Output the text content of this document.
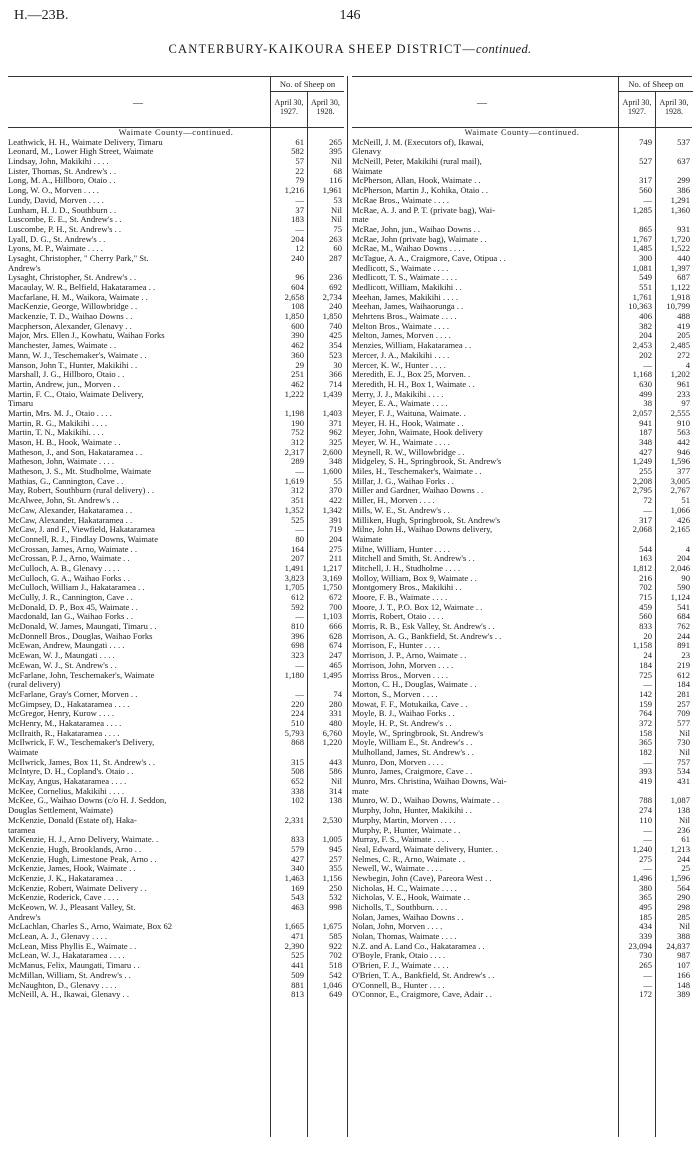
H.—23B.	146
CANTERBURY-KAIKOURA SHEEP DISTRICT—continued.
—
No. of Sheep on
April 30,
1927.
April 30,
1928.
Waimate County—continued.
Leathwick, H. H., Waimate Delivery, Timaru	61	265
Leonard, M., Lower High Street, Waimate	582	395
Lindsay, John, Makikihi . . . .	57	Nil
Lister, Thomas, St. Andrew's . .	22	68
Long, M. A., Hillboro, Otaio . .	79	116
Long, W. O., Morven . . . .	1,216 1,961
Lundy, David, Morven . . . .	—	53
Lunham, H. J. D., Southburn . .	37	Nil
Luscombe, E. E., St. Andrew's . .	183	Nil
Luscombe, P. H., St. Andrew's . .	—	75
Lyall, D. G., St. Andrew's . .	204	263
Lyons, M. P., Waimate . . . .	12	60
Lysaght, Christopher, " Cherry Park," St.	240	287
Andrew's
Lysaght, Christopher, St. Andrew's . .	96	236
Macaulay, W. R., Belfield, Hakataramea . .	604	692
Macfarlane, H. M., Waikora, Waimate . .	2,658 2,734
MacKenzie, George, Willowbridge . .	108	240
Mackenzie, T. D., Waihao Downs . .	1,850 1,850
Macpherson, Alexander, Glenavy . .	600	740
Major, Mrs. Ellen J., Kowhatu, Waihao Forks	390	425
Manchester, James, Waimate . .	462	354
Mann, W. J., Teschemaker's, Waimate . .	360	523
Manson, John T., Hunter, Makikihi . .	29	30
Marshall, J. G., Hillboro, Otaio . .	251	366
Martin, Andrew, jun., Morven . .	462	714
Martin, F. C., Otaio, Waimate Delivery,	1,222 1,439
Timaru
Martin, Mrs. M. J., Otaio . . . .	1,198 1,403
Martin, R. G., Makikihi . . . .	190	371
Martin, T. N., Makikihi. . . .	752	962
Mason, H. B., Hook, Waimate . .	312	325
Matheson, J., and Son, Hakataramea . .	2,317 2,600
Matheson, John, Waimate . . . .	289	348
Matheson, J. S., Mt. Studholme, Waimate	— 1,600
Mathias, G., Cannington, Cave . .	1,619	55
May, Robert, Southburn (rural delivery) . .	312	370
McAlwee, John, St. Andrew's . .	351	422
McCaw, Alexander, Hakataramea . .	1,352 1,342
McCaw, Alexander, Hakataramea . .	525	391
McCaw, J. and F., Viewfield, Hakataramea	—	719
McConnell, R. J., Findlay Downs, Waimate	80	204
McCrossan, James, Arno, Waimate . .	164	275
McCrossan, P. J., Arno, Waimate . .	207	211
McCulloch, A. B., Glenavy . . . .	1,491 1,217
McCulloch, G. A., Waihao Forks . .	3,823 3,169
McCulloch, William J., Hakataramea . .	1,705 1,750
McCully, J. R., Cannington, Cave . .	612	672
McDonald, D. P., Box 45, Waimate . .	592	700
Macdonald, Ian G., Waihao Forks . .	— 1,103
McDonald, W. James, Maungati, Timaru . .	810	666
McDonnell Bros., Douglas, Waihao Forks	396	628
McEwan, Andrew, Maungati . . . .	698	674
McEwan, W. J., Maungati . . . .	323	247
McEwan, W. J., St. Andrew's . .	—	465
McFarlane, John, Teschemaker's, Waimate	1,180 1,495
(rural delivery)
McFarlane, Gray's Corner, Morven . .	—	74
McGimpsey, D., Hakataramea . . . .	220	280
McGregor, Henry, Kurow . . . .	224	331
McHenry, M., Hakataramea . . . .	510	480
McIlraith, R., Hakataramea . . . .	5,793 6,760
McIlwrick, F. W., Teschemaker's Delivery,	868 1,220
Waimate
McIlwrick, James, Box 11, St. Andrew's . .	315	443
McIntyre, D. H., Copland's. Otaio . .	508	586
McKay, Angus, Hakataramea . . . .	652	Nil
McKee, Cornelius, Makikihi . . . .	338	314
McKee, G., Waihao Downs (c/o H. J. Seddon,	102	138
Douglas Settlement, Waimate)
McKenzie, Donald (Estate of), Haka-	2,331 2,530
taramea
McKenzie, H. J., Arno Delivery, Waimate. .	833 1,005
McKenzie, Hugh, Brooklands, Arno . .	579	945
McKenzie, Hugh, Limestone Peak, Arno . .	427	257
McKenzie, James, Hook, Waimate . .	340	355
McKenzie, J. K., Hakataramea . .	1,463 1,156
McKenzie, Robert, Waimate Delivery . .	169	250
McKenzie, Roderick, Cave . . . .	543	532
McKeown, W. J., Pleasant Valley, St.	463	998
Andrew's
McLachlan, Charles S., Arno, Waimate, Box 62	1,665 1,675
McLean, A. J., Glenavy . . . .	471	585
McLean, Miss Phyllis E., Waimate . .	2,390	922
McLean, W. J., Hakataramea . . . .	525	702
McManus, Felix, Maungati, Timaru . .	441	518
McMillan, William, St. Andrew's . .	509	542
McNaughton, D., Glenavy . . . .	881 1,046
McNeill, A. H., Ikawai, Glenavy . .	813	649
—
No. of Sheep on
April 30,
1927.
April 30,
1928.
Waimate County—continued.
McNeill, J. M. (Executors of), Ikawai,	749	537
Glenavy
McNeill, Peter, Makikihi (rural mail),	527	637
Waimate
McPherson, Allan, Hook, Waimate . .	317	299
McPherson, Martin J., Kohika, Otaio . .	560	386
McRae Bros., Waimate . . . .	— 1,291
McRae, A. J. and P. T. (private bag), Wai-	1,285 1,360
mate
McRae, John, jun., Waihao Downs . .	865	931
McRae, John (private bag), Waimate . .	1,767 1,720
McRae, M., Waihao Downs . . . .	1,485 1,522
McTague, A. A., Craigmore, Cave, Otipua . .	300	440
Medlicott, S., Waimate . . . .	1,081 1,397
Medlicott, T. S., Waimate . . . .	549	687
Medlicott, William, Makikihi . .	551 1,122
Meehan, James, Makikihi . . . .	1,761 1,918
Meehan, James, Waihaorunga . .	10,363 10,799
Mehrtens Bros., Waimate . . . .	406	488
Melton Bros., Waimate . . . .	382	419
Melton, James, Morven . . . .	204	205
Menzies, William, Hakataramea . .	2,453 2,485
Mercer, J. A., Makikihi . . . .	202	272
Mercer, K. W., Hunter . . . .	—	4
Meredith, E. J., Box 25, Morven. .	1,168 1,202
Meredith, H. H., Box 1, Waimate . .	630	961
Merry, J. J., Makikihi . . . .	499	233
Meyer, E. A., Waimate . . . .	38	97
Meyer, F. J., Waituna, Waimate. .	2,057 2,555
Meyer, H. H., Hook, Waimate . .	941	910
Meyer, John, Waimate, Hook delivery	187	563
Meyer, W. H., Waimate . . . .	348	442
Meynell, R. W., Willowbridge . .	427	946
Midgeley, S. H., Springbrook, St. Andrew's	1,249 1,596
Miles, H., Teschemaker's, Waimate . .	255	377
Millar, J. G., Waihao Forks . .	2,208 3,005
Miller and Gardner, Waihao Downs . .	2,795 2,767
Miller, H., Morven . . . .	72	51
Mills, W. E., St. Andrew's . .	— 1,066
Milliken, Hugh, Springbrook, St. Andrew's	317	426
Milne, John H., Waihao Downs delivery,	2,068 2,165
Waimate
Milne, William, Hunter . . . .	544	4
Mitchell and Smith, St. Andrew's . .	163	204
Mitchell, J. H., Studholme . . . .	1,812 2,046
Molloy, William, Box 9, Waimate . .	216	90
Montgomery Bros., Makikihi . .	702	590
Moore, F. B., Waimate . . . .	715 1,124
Moore, J. T., P.O. Box 12, Waimate . .	459	541
Morris, Robert, Otaio . . . .	560	684
Morris, R. B., Esk Valley, St. Andrew's . .	833	762
Morrison, A. G., Bankfield, St. Andrew's . .	20	244
Morrison, F., Hunter . . . .	1,158	891
Morrison, J. P., Arno, Waimate . .	24	23
Morrison, John, Morven . . . .	184	219
Morriss Bros., Morven . . . .	725	612
Morton, C. H., Douglas, Waimate . .	—	184
Morton, S., Morven . . . .	142	281
Mowat, F. F., Motukaika, Cave . .	159	257
Moyle, B. J., Waihao Forks . .	764	709
Moyle, H. P., St. Andrew's . .	372	577
Moyle, W., Springbrook, St. Andrew's	158	Nil
Moyle, William E., St. Andrew's . .	365	730
Mulholland, James, St. Andrew's . .	182	Nil
Munro, Don, Morven . . . .	—	757
Munro, James, Craigmore, Cave . .	393	534
Munro, Mrs. Christina, Waihao Downs, Wai-	419	431
mate
Munro, W. D., Waihao Downs, Waimate . .	788 1,087
Murphy, John, Hunter, Makikihi . .	274	138
Murphy, Martin, Morven . . . .	110	Nil
Murphy, P., Hunter, Waimate . .	—	236
Murray, F. S., Waimate . . . .	—	61
Neal, Edward, Waimate delivery, Hunter. .	1,240 1,213
Nelmes, C. R., Arno, Waimate . .	275	244
Newell, W., Waimate . . . .	—	25
Newbegin, John (Cave), Pareora West . .	1,496 1,596
Nicholas, H. C., Waimate . . . .	380	564
Nicholas, V. E., Hook, Waimate . .	365	290
Nicholls, T., Southburn. . . .	495	298
Nolan, James, Waihao Downs . .	185	285
Nolan, John, Morven . . . .	434	Nil
Nolan, Thomas, Waimate . . . .	339	388
N.Z. and A. Land Co., Hakataramea . .	23,094 24,837
O'Boyle, Frank, Otaio . . . .	730	987
O'Brien, F. J., Waimate . . . .	265	107
O'Brien, T. A., Bankfield, St. Andrew's . .	—	166
O'Connell, B., Hunter . . . .	—	148
O'Connor, E., Craigmore, Cave, Adair . .	172	389
